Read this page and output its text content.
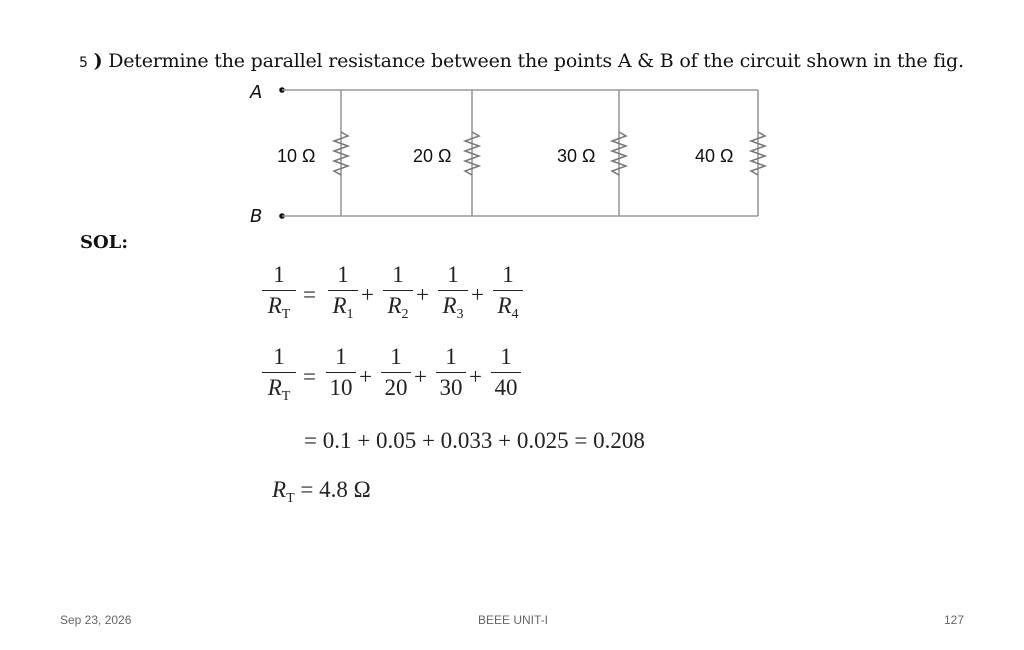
5 ) Determine the parallel resistance between the points A & B of the circuit shown in the fig.
A
B
10 Ω	20 Ω	30 Ω	40 Ω
SOL:
1
$R_T$
=
1
$R_1$
+
1
$R_2$
+
1
$R_3$
+
1
$R_4$
1
$R_T$
=
1
10 +
1
20 +
1
30 +
1
40
= 0.1 + 0.05 + 0.033 + 0.025 = 0.208
$R_T = 4.8$ Ω
Sep 23, 2026	BEEE UNIT-I	127
